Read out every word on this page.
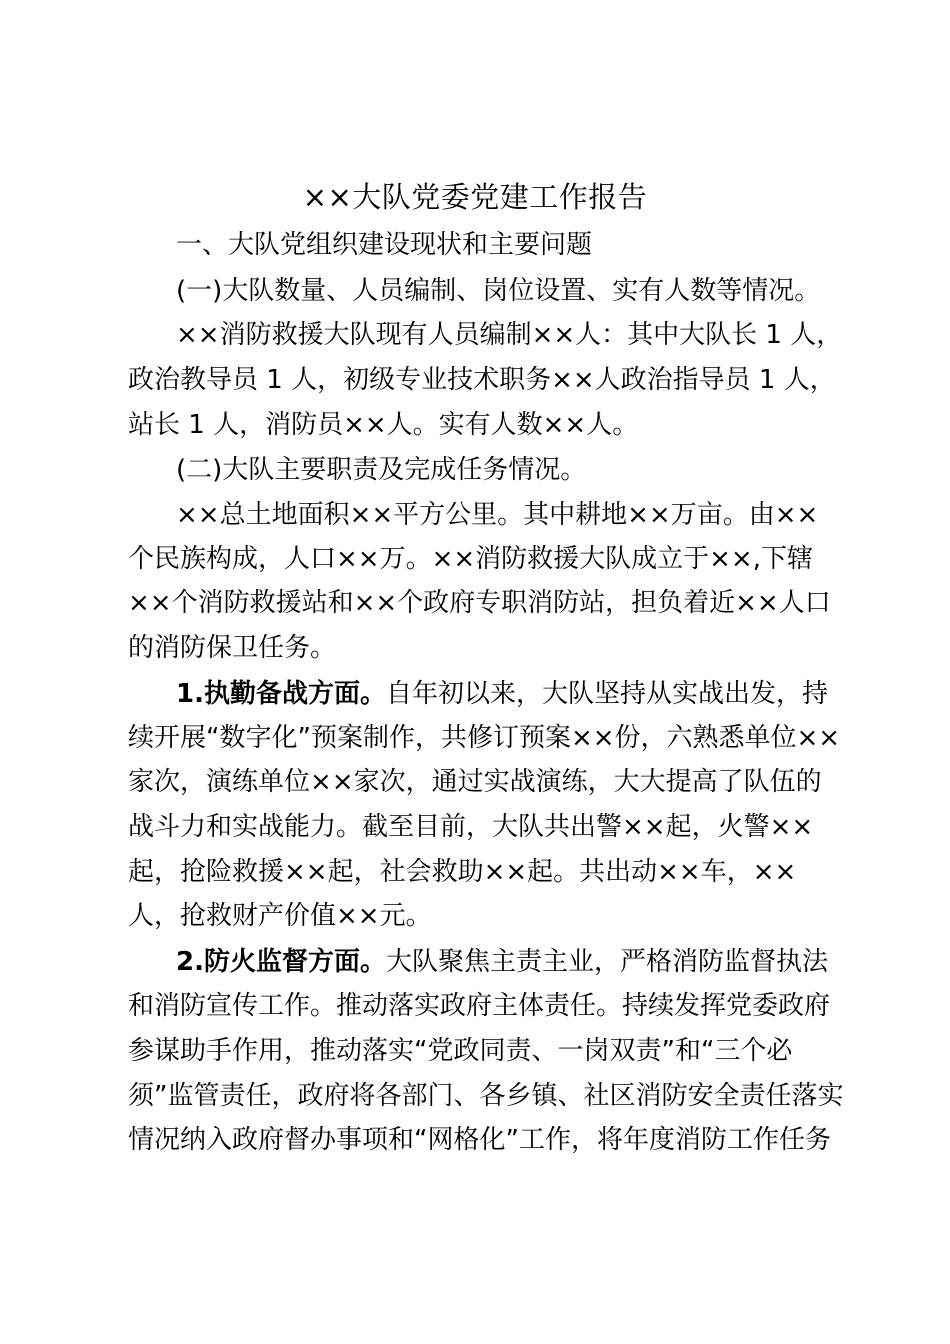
××大队党委党建工作报告
一、大队党组织建设现状和主要问题
(一)大队数量、人员编制、岗位设置、实有人数等情况。
××消防救援大队现有人员编制××人：其中大队长 1 人，
政治教导员 1 人，初级专业技术职务××人政治指导员 1 人，
站长 1 人，消防员××人。实有人数××人。
(二)大队主要职责及完成任务情况。
××总土地面积××平方公里。其中耕地××万亩。由××
个民族构成，人口××万。××消防救援大队成立于××,下辖
××个消防救援站和××个政府专职消防站，担负着近××人口
的消防保卫任务。
1.执勤备战方面。自年初以来，大队坚持从实战出发，持
续开展“数字化”预案制作，共修订预案××份，六熟悉单位××
家次，演练单位××家次，通过实战演练，大大提高了队伍的
战斗力和实战能力。截至目前，大队共出警××起，火警××
起，抢险救援××起，社会救助××起。共出动××车，××
人，抢救财产价值××元。
2.防火监督方面。大队聚焦主责主业，严格消防监督执法
和消防宣传工作。推动落实政府主体责任。持续发挥党委政府
参谋助手作用，推动落实“党政同责、一岗双责”和“三个必
须”监管责任，政府将各部门、各乡镇、社区消防安全责任落实
情况纳入政府督办事项和“网格化”工作，将年度消防工作任务
